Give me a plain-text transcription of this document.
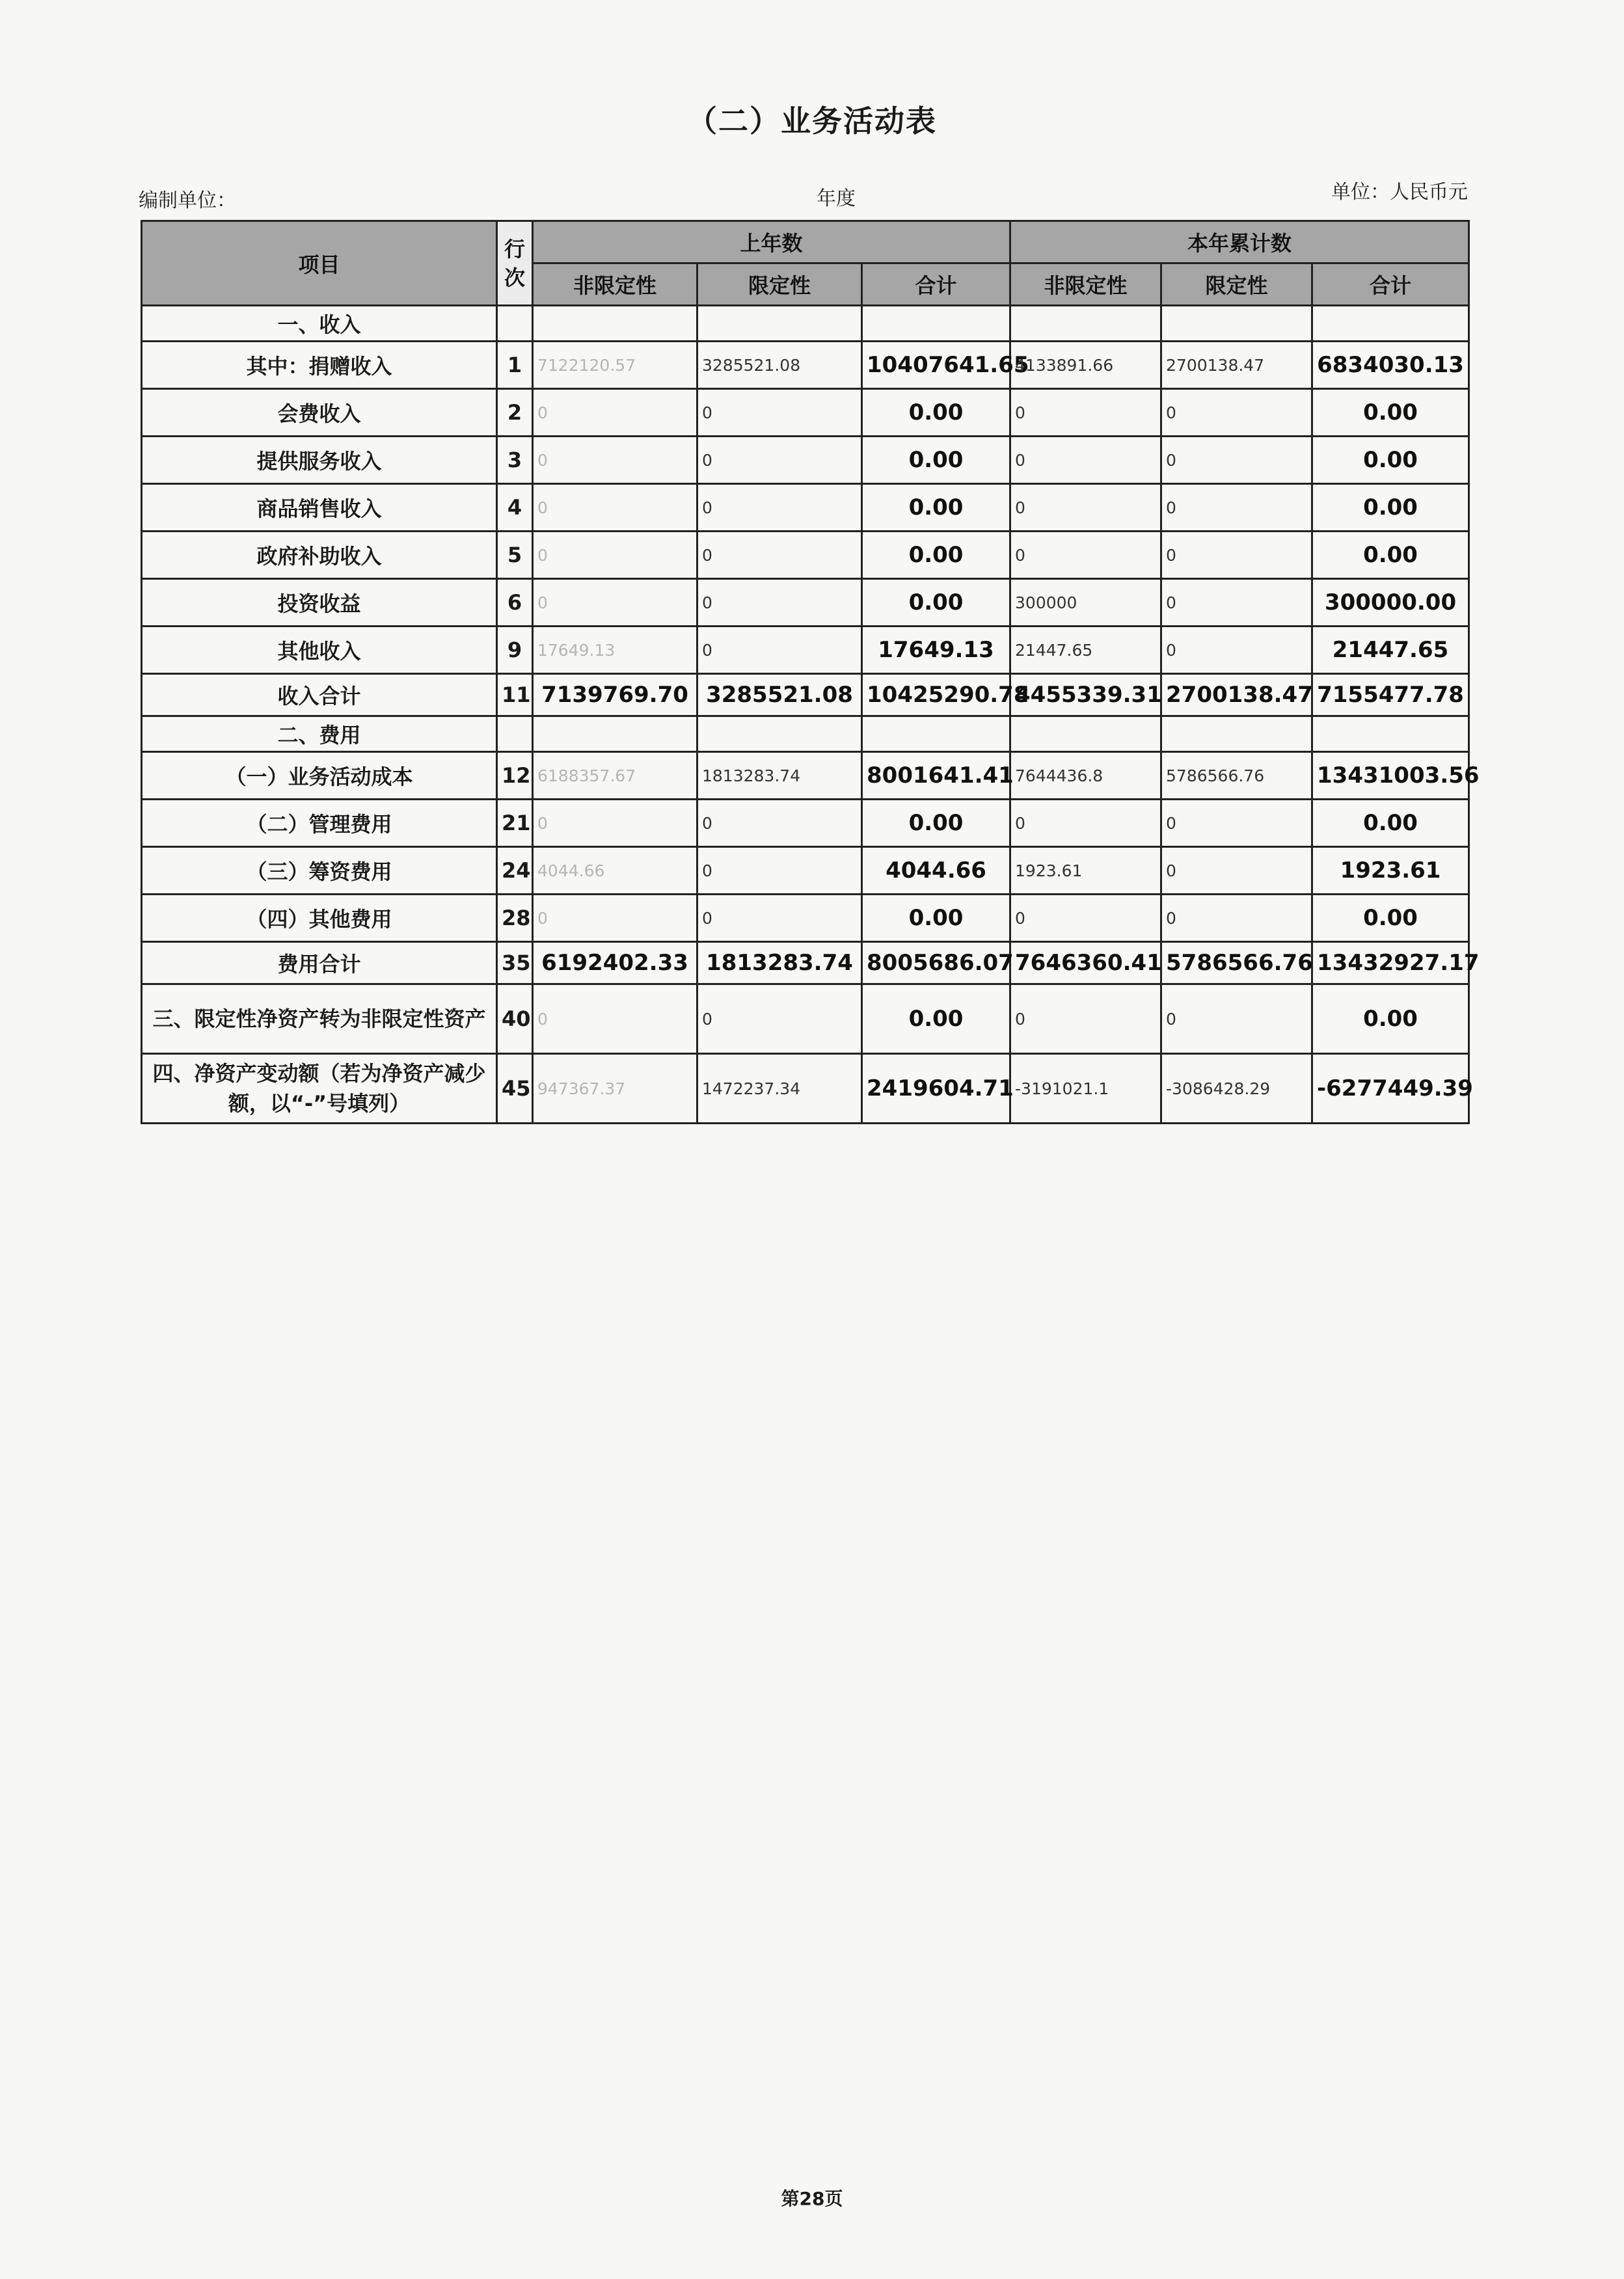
（二）业务活动表
编制单位：	年度	单位：人民币元
项目	行次	上年数			本年累计数		
		非限定性	限定性	合计	非限定性	限定性	合计
一、收入							
其中：捐赠收入	1	7122120.57	3285521.08	10407641.65	4133891.66	2700138.47	6834030.13
会费收入	2	0	0	0.00	0	0	0.00
提供服务收入	3	0	0	0.00	0	0	0.00
商品销售收入	4	0	0	0.00	0	0	0.00
政府补助收入	5	0	0	0.00	0	0	0.00
投资收益	6	0	0	0.00	300000	0	300000.00
其他收入	9	17649.13	0	17649.13	21447.65	0	21447.65
收入合计	11	7139769.70	3285521.08	10425290.78	4455339.31	2700138.47	7155477.78
二、费用							
（一）业务活动成本	12	6188357.67	1813283.74	8001641.41	7644436.8	5786566.76	13431003.56
（二）管理费用	21	0	0	0.00	0	0	0.00
（三）筹资费用	24	4044.66	0	4044.66	1923.61	0	1923.61
（四）其他费用	28	0	0	0.00	0	0	0.00
费用合计	35	6192402.33	1813283.74	8005686.07	7646360.41	5786566.76	13432927.17
三、限定性净资产转为非限定性资产	40	0	0	0.00	0	0	0.00
四、净资产变动额（若为净资产减少额，以“-”号填列）	45	947367.37	1472237.34	2419604.71	-3191021.1	-3086428.29	-6277449.39
第28页
